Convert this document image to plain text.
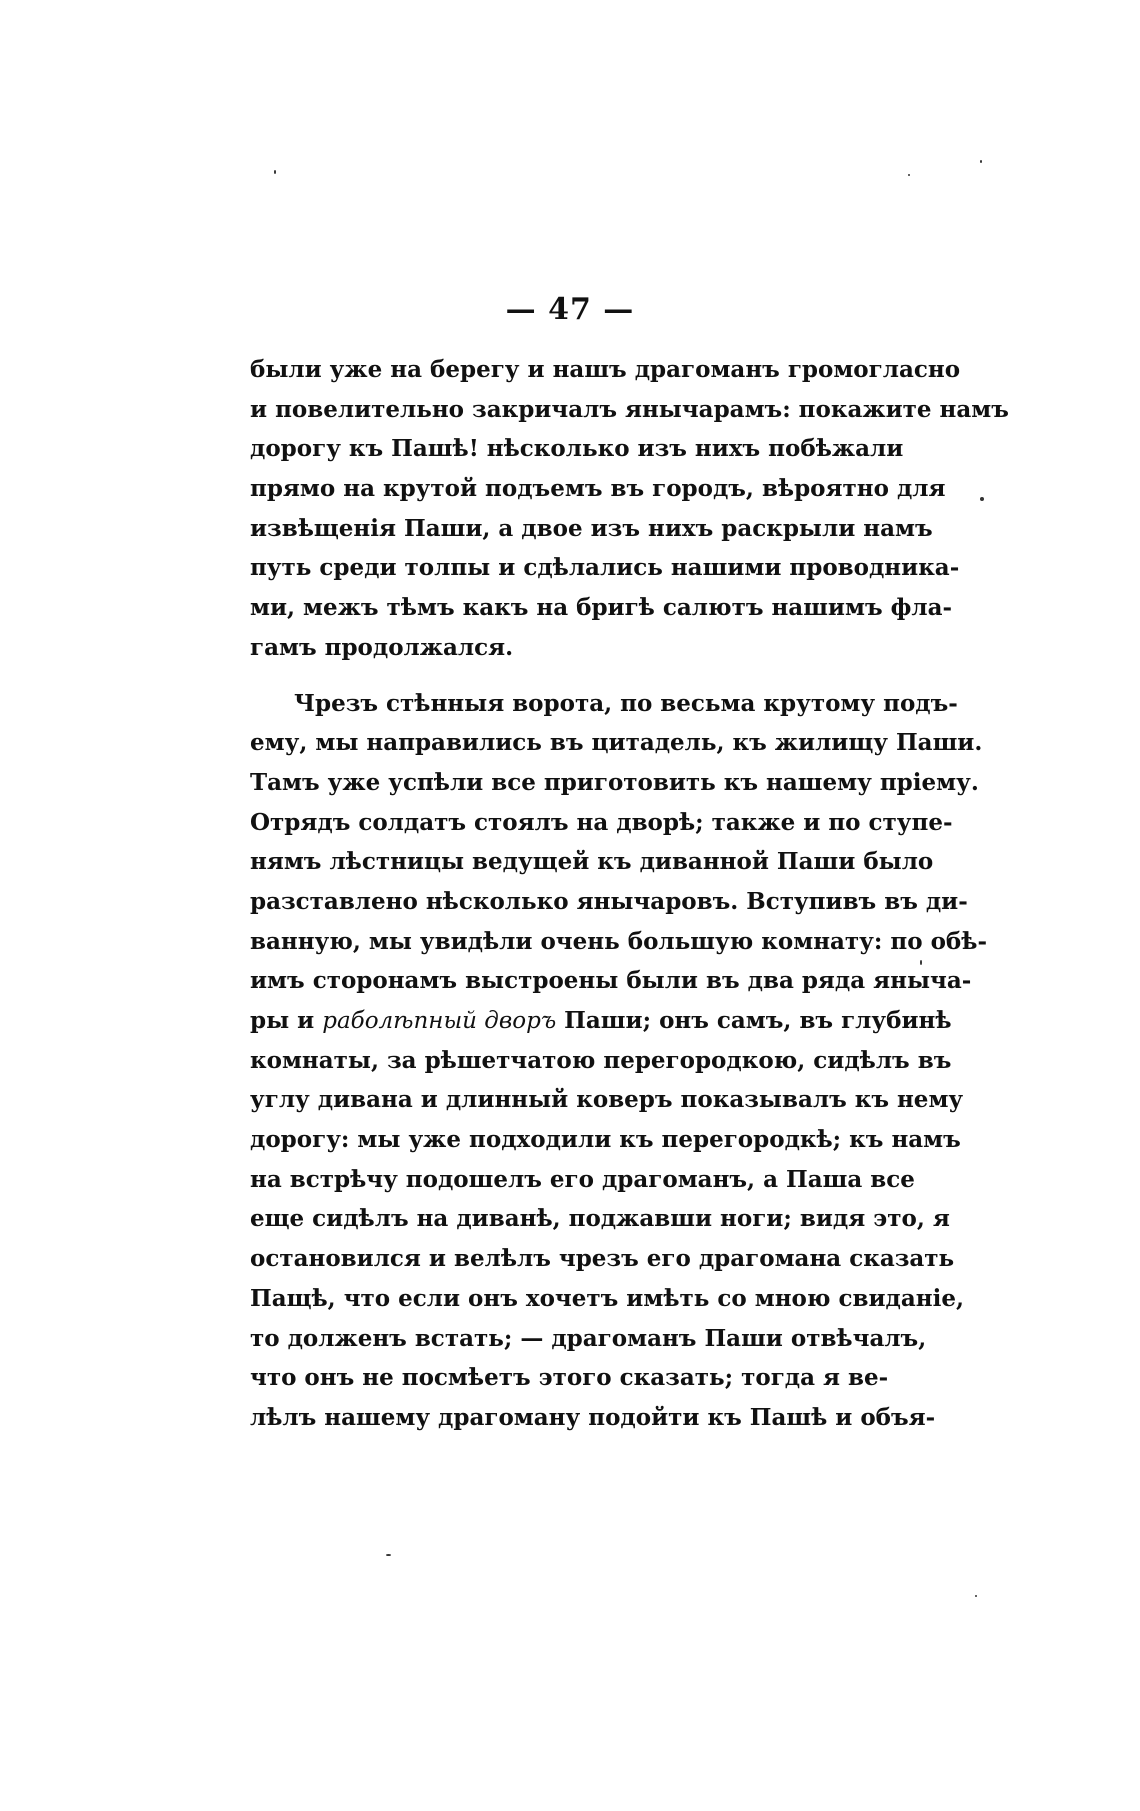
— 47 —
были уже на берегу и нашъ драгоманъ громогласно
и повелительно закричалъ янычарамъ: покажите намъ
дорогу къ Пашѣ! нѣсколько изъ нихъ побѣжали
прямо на крутой подъемъ въ городъ, вѣроятно для
извѣщенія Паши, а двое изъ нихъ раскрыли намъ
путь среди толпы и сдѣлались нашими проводника-
ми, межъ тѣмъ какъ на бригѣ салютъ нашимъ фла-
гамъ продолжался.
Чрезъ стѣнныя ворота, по весьма крутому подъ-
ему, мы направились въ цитадель, къ жилищу Паши.
Тамъ уже успѣли все приготовить къ нашему пріему.
Отрядъ солдатъ стоялъ на дворѣ; также и по ступе-
нямъ лѣстницы ведущей къ диванной Паши было
разставлено нѣсколько янычаровъ. Вступивъ въ ди-
ванную, мы увидѣли очень большую комнату: по обѣ-
имъ сторонамъ выстроены были въ два ряда янычa-
ры и раболѣпный дворъ Паши; онъ самъ, въ глубинѣ
комнаты, за рѣшетчатою перегородкою, сидѣлъ въ
углу дивана и длинный коверъ показывалъ къ нему
дорогу: мы уже подходили къ перегородкѣ; къ намъ
на встрѣчу подошелъ его драгоманъ, а Паша все
еще сидѣлъ на диванѣ, поджавши ноги; видя это, я
остановился и велѣлъ чрезъ его драгомана сказать
Пащѣ, что если онъ хочетъ имѣть со мною свиданіе,
то долженъ встать; — драгоманъ Паши отвѣчалъ,
что онъ не посмѣетъ этого сказать; тогда я ве-
лѣлъ нашему драгоману подойти къ Пашѣ и объя-
